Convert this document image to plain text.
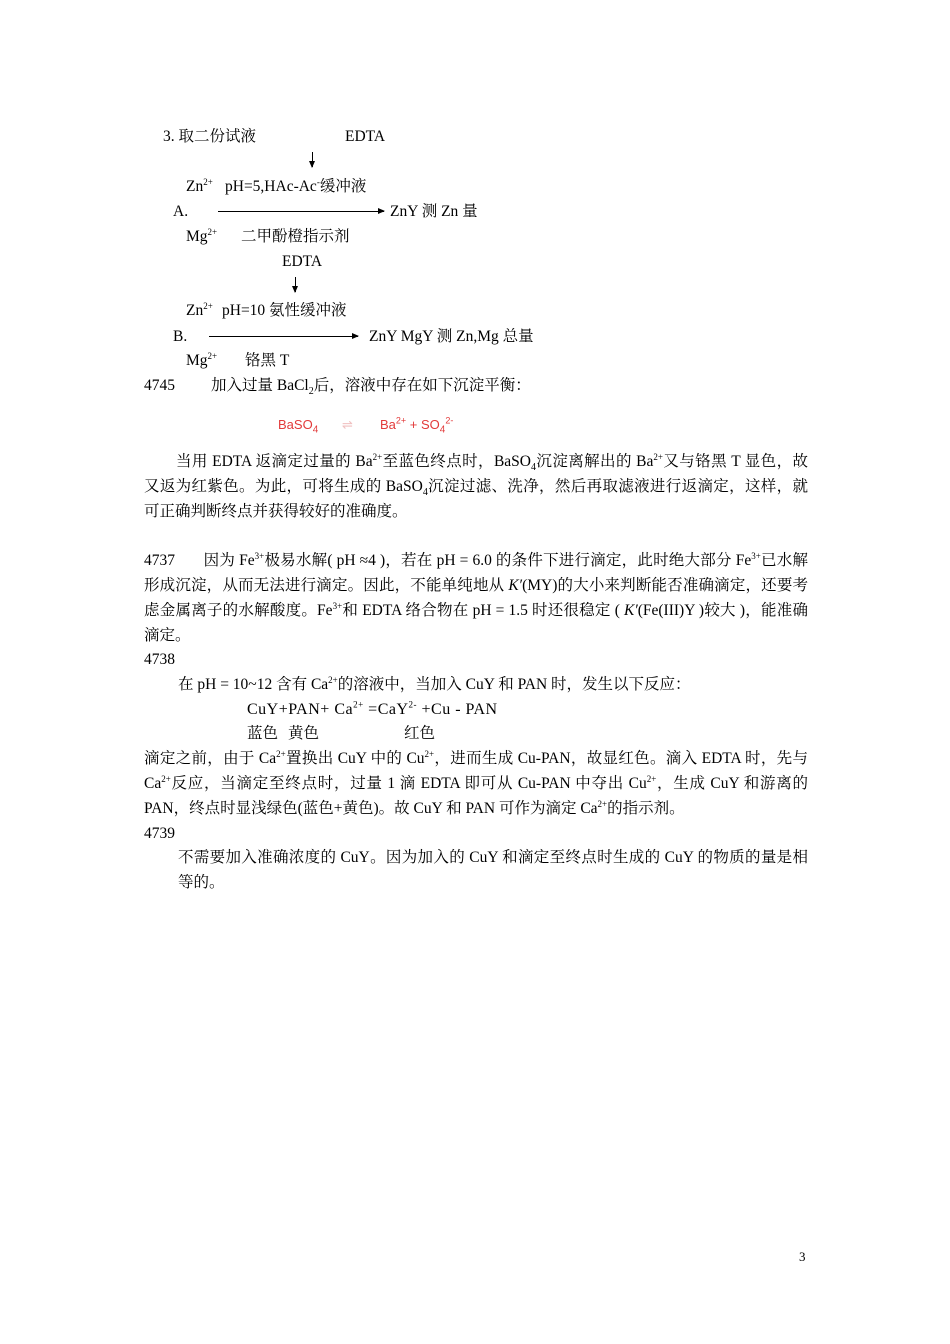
3. 取二份试液	EDTA
$Zn^{2+}$ pH=5,HAc-Ac-缓冲液
A.	ZnY 测 Zn 量
$Mg^{2+}$ 二甲酚橙指示剂
EDTA
$Zn^{2+}$ pH=10 氨性缓冲液
B.	ZnY MgY 测 Zn,Mg 总量
$Mg^{2+}$ 铬黑 T
4745 加入过量 BaCl$_2$后，溶液中存在如下沉淀平衡：
BaSO$_4$ ⇌ $Ba^{2+} + SO_4^{2-}$
当用 EDTA 返滴定过量的 $Ba^{2+}$至蓝色终点时，BaSO$_4$沉淀离解出的 $Ba^{2+}$又与铬黑 T 显色，故又返为红紫色。为此，可将生成的 BaSO$_4$沉淀过滤、洗净，然后再取滤液进行返滴定，这样，就可正确判断终点并获得较好的准确度。
4737 因为 $Fe^{3+}$极易水解( pH ≈4 )，若在 pH = 6.0 的条件下进行滴定，此时绝大部分 $Fe^{3+}$已水解形成沉淀，从而无法进行滴定。因此，不能单纯地从 K′(MY)的大小来判断能否准确滴定，还要考虑金属离子的水解酸度。$Fe^{3+}$和 EDTA 络合物在 pH = 1.5 时还很稳定 ( K′(Fe(III)Y )较大 )，能准确滴定。
4738
在 pH = 10~12 含有 $Ca^{2+}$的溶液中，当加入 CuY 和 PAN 时，发生以下反应：
$CuY+PAN+ Ca^{2+} =CaY^{2-} +Cu$ - PAN
蓝色 黄色	红色
滴定之前，由于 $Ca^{2+}$置换出 CuY 中的 $Cu^{2+}$，进而生成 Cu-PAN，故显红色。滴入 EDTA 时，先与 $Ca^{2+}$反应，当滴定至终点时，过量 1 滴 EDTA 即可从 Cu-PAN 中夺出 $Cu^{2+}$，生成 CuY 和游离的 PAN，终点时显浅绿色(蓝色+黄色)。故 CuY 和 PAN 可作为滴定 $Ca^{2+}$的指示剂。
4739
不需要加入准确浓度的 CuY。因为加入的 CuY 和滴定至终点时生成的 CuY 的物质的量是相等的。
3
